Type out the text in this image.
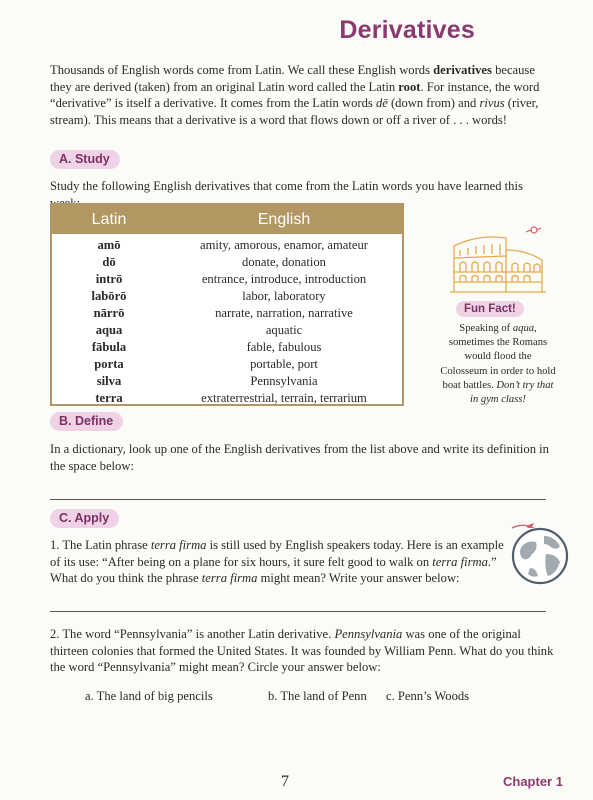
Derivatives
Thousands of English words come from Latin. We call these English words derivatives because they are derived (taken) from an original Latin word called the Latin root. For instance, the word “derivative” is itself a derivative. It comes from the Latin words dē (down from) and rivus (river, stream). This means that a derivative is a word that flows down or off a river of . . . words!
A. Study
Study the following English derivatives that come from the Latin words you have learned this
Latin	English
amō	amity, amorous, enamor, amateur
dō	donate, donation
intrō	entrance, introduce, introduction
labōrō	labor, laboratory
nārrō	narrate, narration, narrative
aqua	aquatic
fābula	fable, fabulous
porta	portable, port
silva	Pennsylvania
terra	extraterrestrial, terrain, terrarium
Fun Fact!
Speaking of aqua, sometimes the Romans would flood the Colosseum in order to hold boat battles. Don’t try that in gym class!
B. Define
In a dictionary, look up one of the English derivatives from the list above and write its definition in the space below:
C. Apply
1. The Latin phrase terra firma is still used by English speakers today. Here is an example of its use: “After being on a plane for six hours, it sure felt good to walk on terra firma.” What do you think the phrase terra firma might mean? Write your answer below:
2. The word “Pennsylvania” is another Latin derivative. Pennsylvania was one of the original thirteen colonies that formed the United States. It was founded by William Penn. What do you think the word “Pennsylvania” might mean? Circle your answer below:
a. The land of big pencils	b. The land of Penn c. Penn’s Woods
7	Chapter 1
